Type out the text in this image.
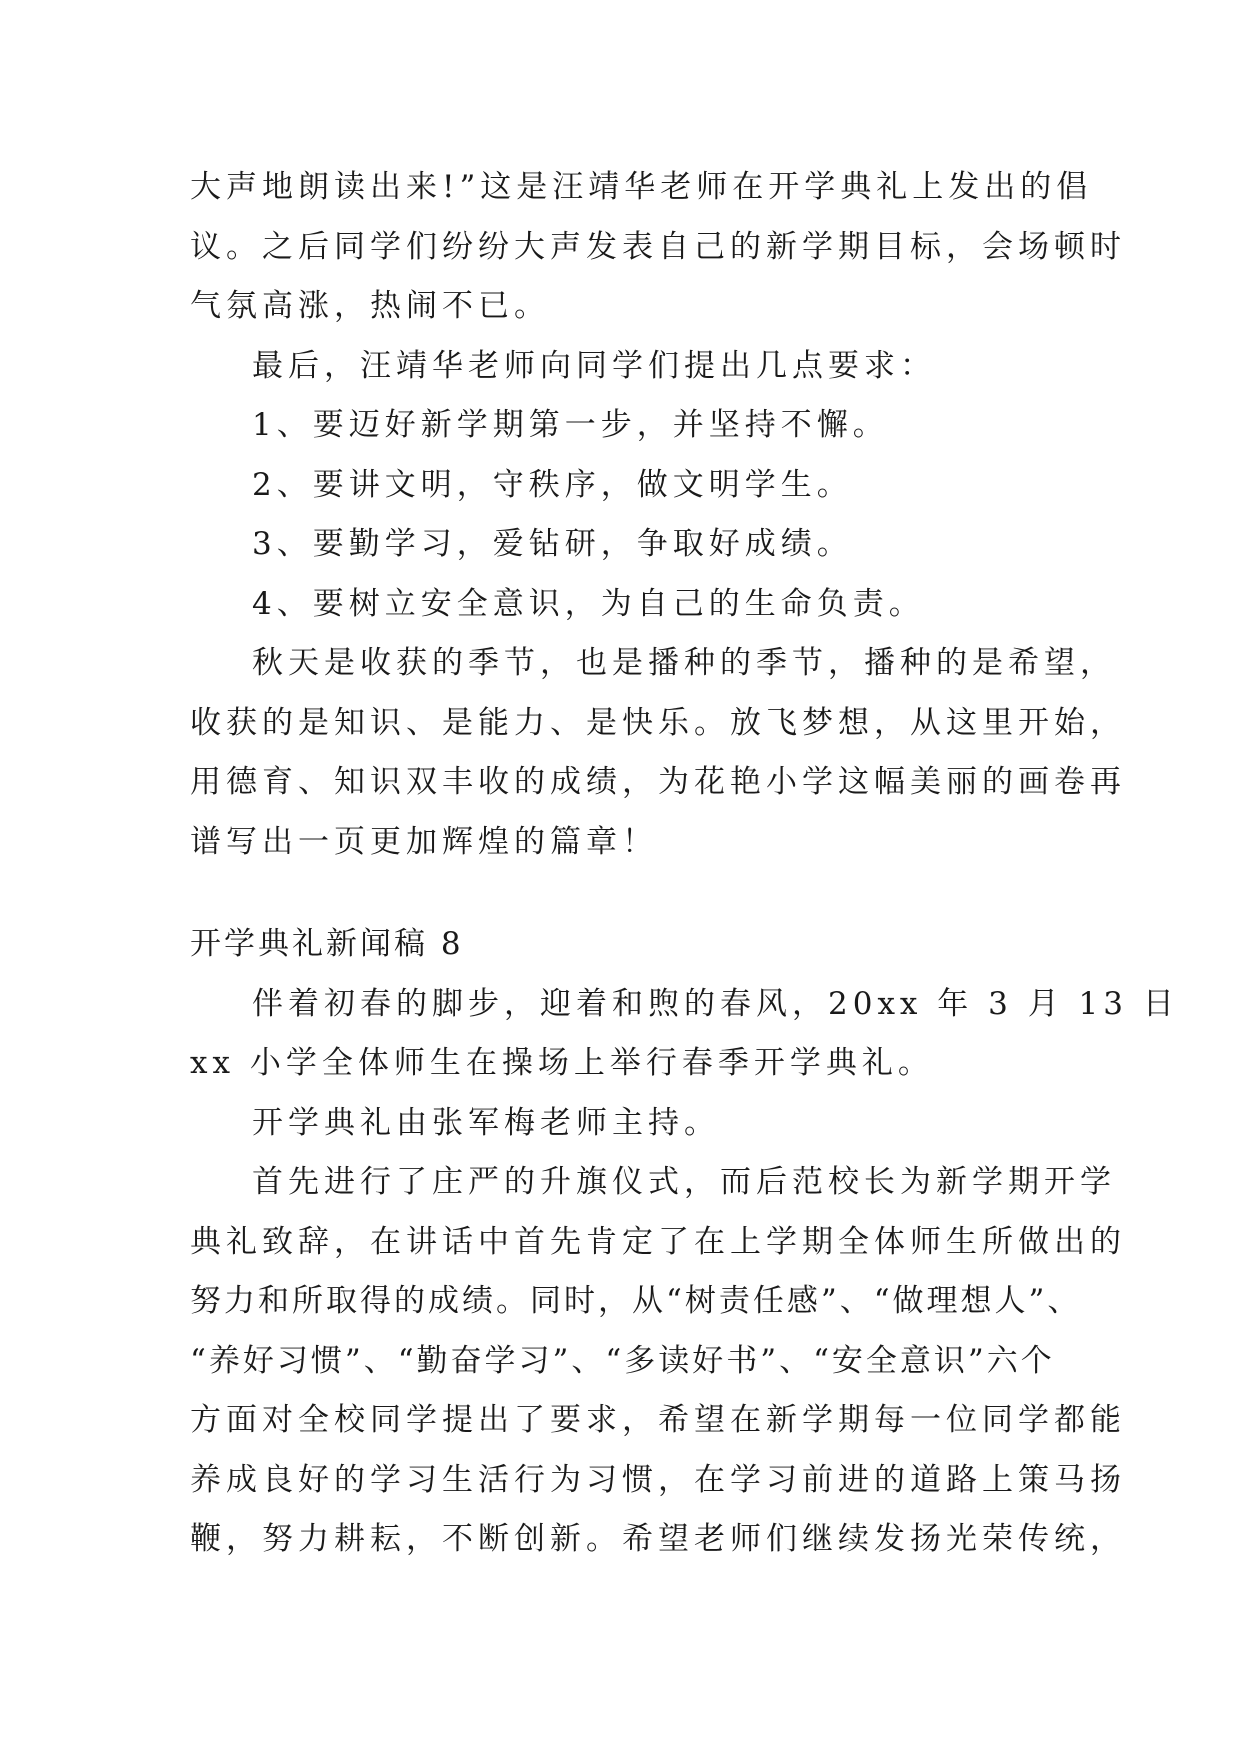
大声地朗读出来!”这是汪靖华老师在开学典礼上发出的倡
议。之后同学们纷纷大声发表自己的新学期目标，会场顿时
气氛高涨，热闹不已。
最后，汪靖华老师向同学们提出几点要求：
1、要迈好新学期第一步，并坚持不懈。
2、要讲文明，守秩序，做文明学生。
3、要勤学习，爱钻研，争取好成绩。
4、要树立安全意识，为自己的生命负责。
秋天是收获的季节，也是播种的季节，播种的是希望，
收获的是知识、是能力、是快乐。放飞梦想，从这里开始，
用德育、知识双丰收的成绩，为花艳小学这幅美丽的画卷再
谱写出一页更加辉煌的篇章！
开学典礼新闻稿 8
伴着初春的脚步，迎着和煦的春风，20xx 年 3 月 13 日
xx 小学全体师生在操场上举行春季开学典礼。
开学典礼由张军梅老师主持。
首先进行了庄严的升旗仪式，而后范校长为新学期开学
典礼致辞，在讲话中首先肯定了在上学期全体师生所做出的
努力和所取得的成绩。同时，从“树责任感”、“做理想人”、
“养好习惯”、“勤奋学习”、“多读好书”、“安全意识”六个
方面对全校同学提出了要求，希望在新学期每一位同学都能
养成良好的学习生活行为习惯，在学习前进的道路上策马扬
鞭，努力耕耘，不断创新。希望老师们继续发扬光荣传统，
